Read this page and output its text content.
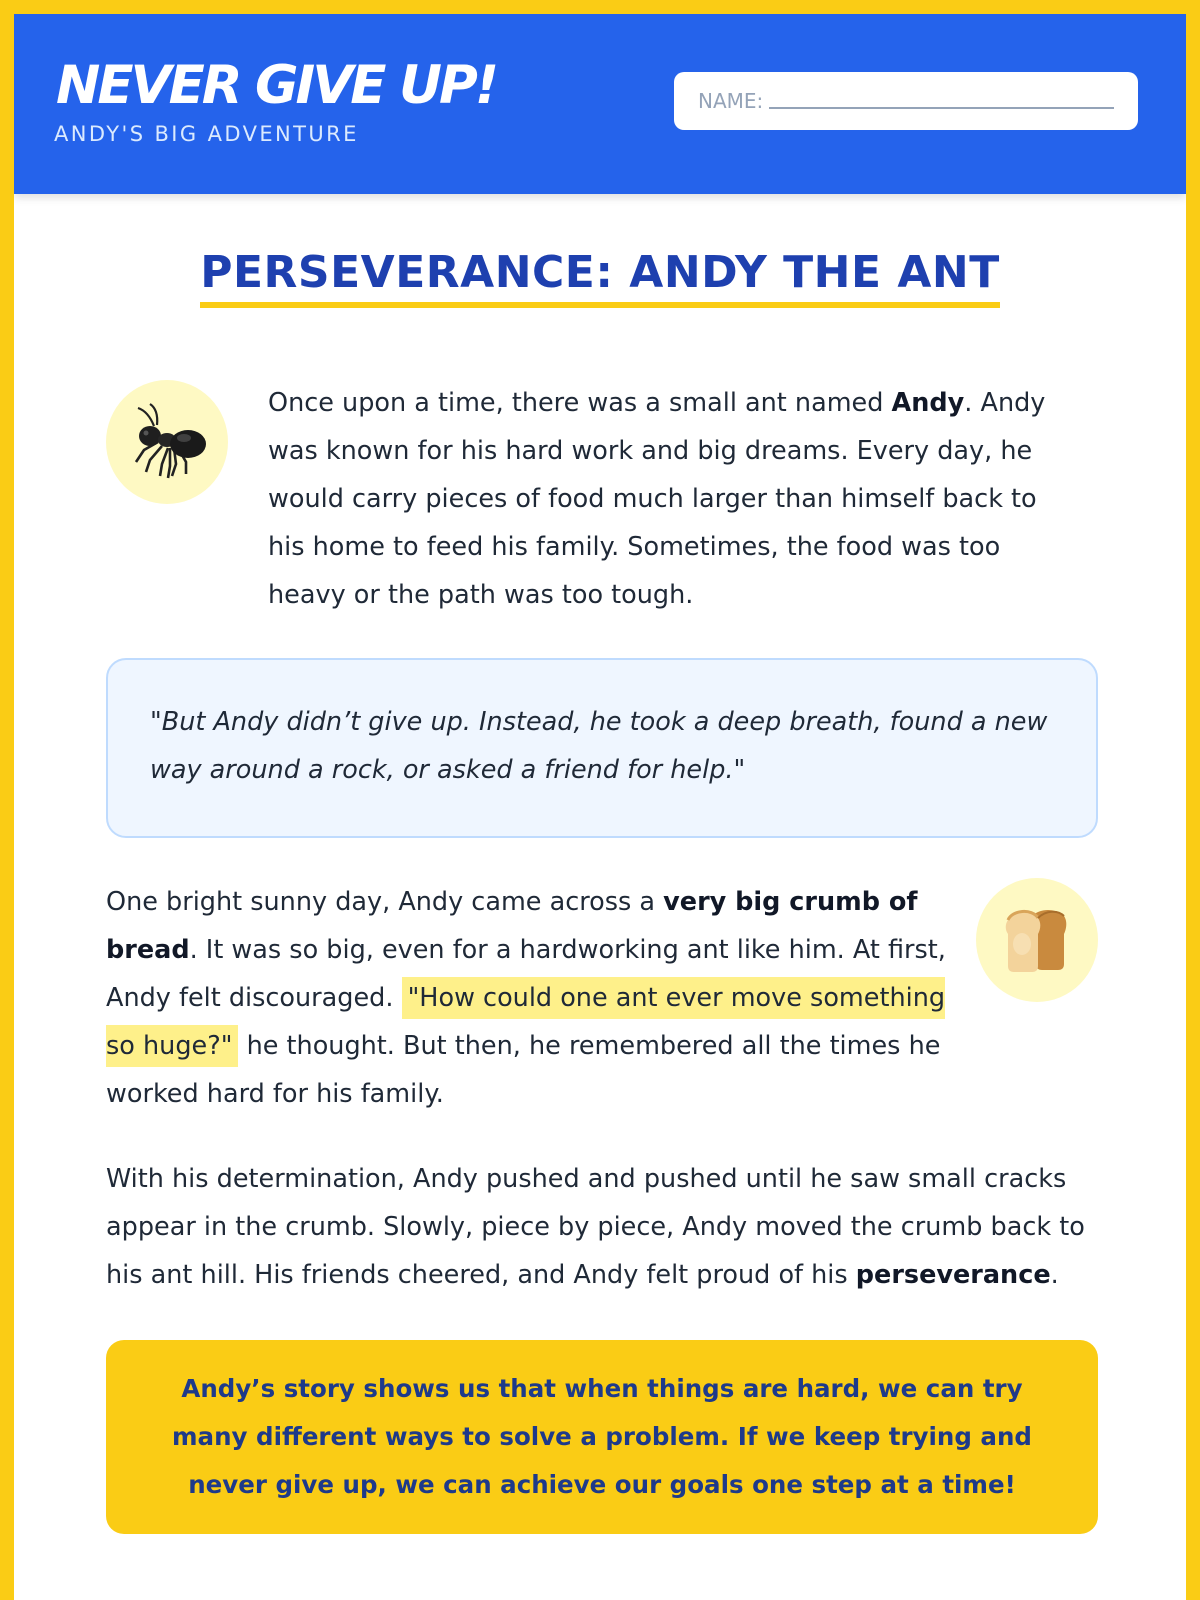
NEVER GIVE UP!
ANDY'S BIG ADVENTURE
NAME:
PERSEVERANCE: ANDY THE ANT

Once upon a time, there was a small ant named Andy. Andy was known for his hard work and big dreams. Every day, he would carry pieces of food much larger than himself back to his home to feed his family. Sometimes, the food was too heavy or the path was too tough.

"But Andy didn’t give up. Instead, he took a deep breath, found a new way around a rock, or asked a friend for help."

One bright sunny day, Andy came across a very big crumb of bread. It was so big, even for a hardworking ant like him. At first, Andy felt discouraged. "How could one ant ever move something so huge?" he thought. But then, he remembered all the times he worked hard for his family.

With his determination, Andy pushed and pushed until he saw small cracks appear in the crumb. Slowly, piece by piece, Andy moved the crumb back to his ant hill. His friends cheered, and Andy felt proud of his perseverance.

Andy’s story shows us that when things are hard, we can try many different ways to solve a problem. If we keep trying and never give up, we can achieve our goals one step at a time!
